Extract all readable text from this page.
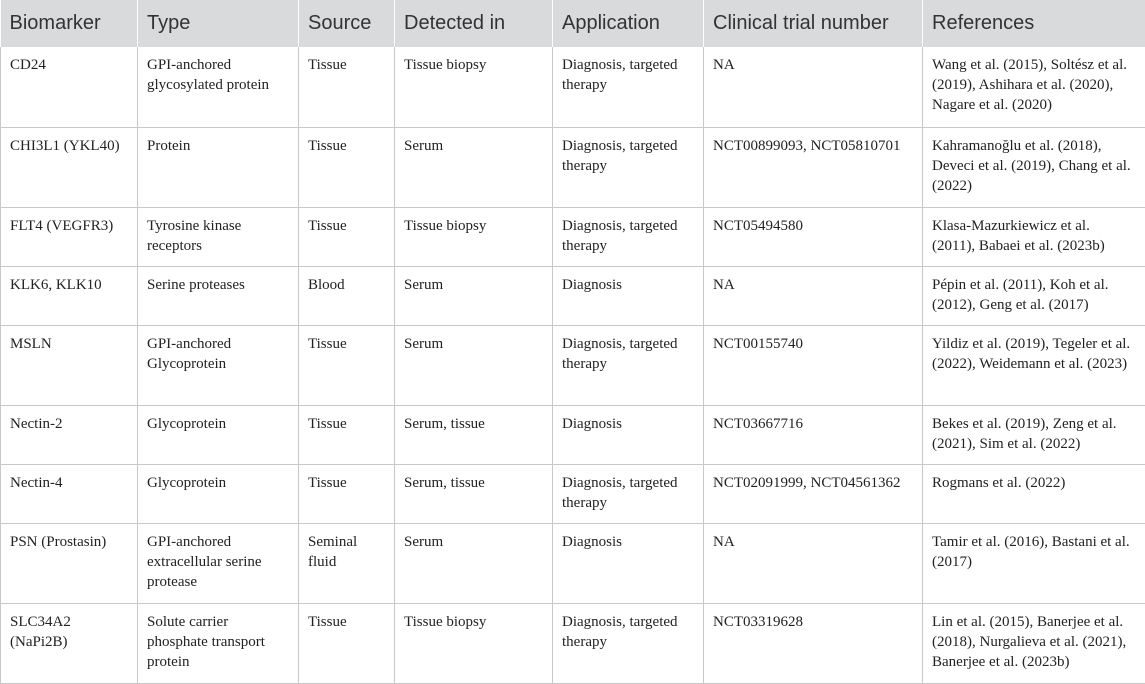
Biomarker	Type	Source	Detected in	Application	Clinical trial number	References
CD24	GPI-anchored glycosylated protein	Tissue	Tissue biopsy	Diagnosis, targeted therapy	NA	Wang et al. (2015), Soltész et al. (2019), Ashihara et al. (2020), Nagare et al. (2020)
CHI3L1 (YKL40)	Protein	Tissue	Serum	Diagnosis, targeted therapy	NCT00899093, NCT05810701	Kahramanoğlu et al. (2018), Deveci et al. (2019), Chang et al. (2022)
FLT4 (VEGFR3)	Tyrosine kinase receptors	Tissue	Tissue biopsy	Diagnosis, targeted therapy	NCT05494580	Klasa-Mazurkiewicz et al. (2011), Babaei et al. (2023b)
KLK6, KLK10	Serine proteases	Blood	Serum	Diagnosis	NA	Pépin et al. (2011), Koh et al. (2012), Geng et al. (2017)
MSLN	GPI-anchored Glycoprotein	Tissue	Serum	Diagnosis, targeted therapy	NCT00155740	Yildiz et al. (2019), Tegeler et al. (2022), Weidemann et al. (2023)
Nectin-2	Glycoprotein	Tissue	Serum, tissue	Diagnosis	NCT03667716	Bekes et al. (2019), Zeng et al. (2021), Sim et al. (2022)
Nectin-4	Glycoprotein	Tissue	Serum, tissue	Diagnosis, targeted therapy	NCT02091999, NCT04561362	Rogmans et al. (2022)
PSN (Prostasin)	GPI-anchored extracellular serine protease	Seminal fluid	Serum	Diagnosis	NA	Tamir et al. (2016), Bastani et al. (2017)
SLC34A2 (NaPi2B)	Solute carrier phosphate transport protein	Tissue	Tissue biopsy	Diagnosis, targeted therapy	NCT03319628	Lin et al. (2015), Banerjee et al. (2018), Nurgalieva et al. (2021), Banerjee et al. (2023b)
